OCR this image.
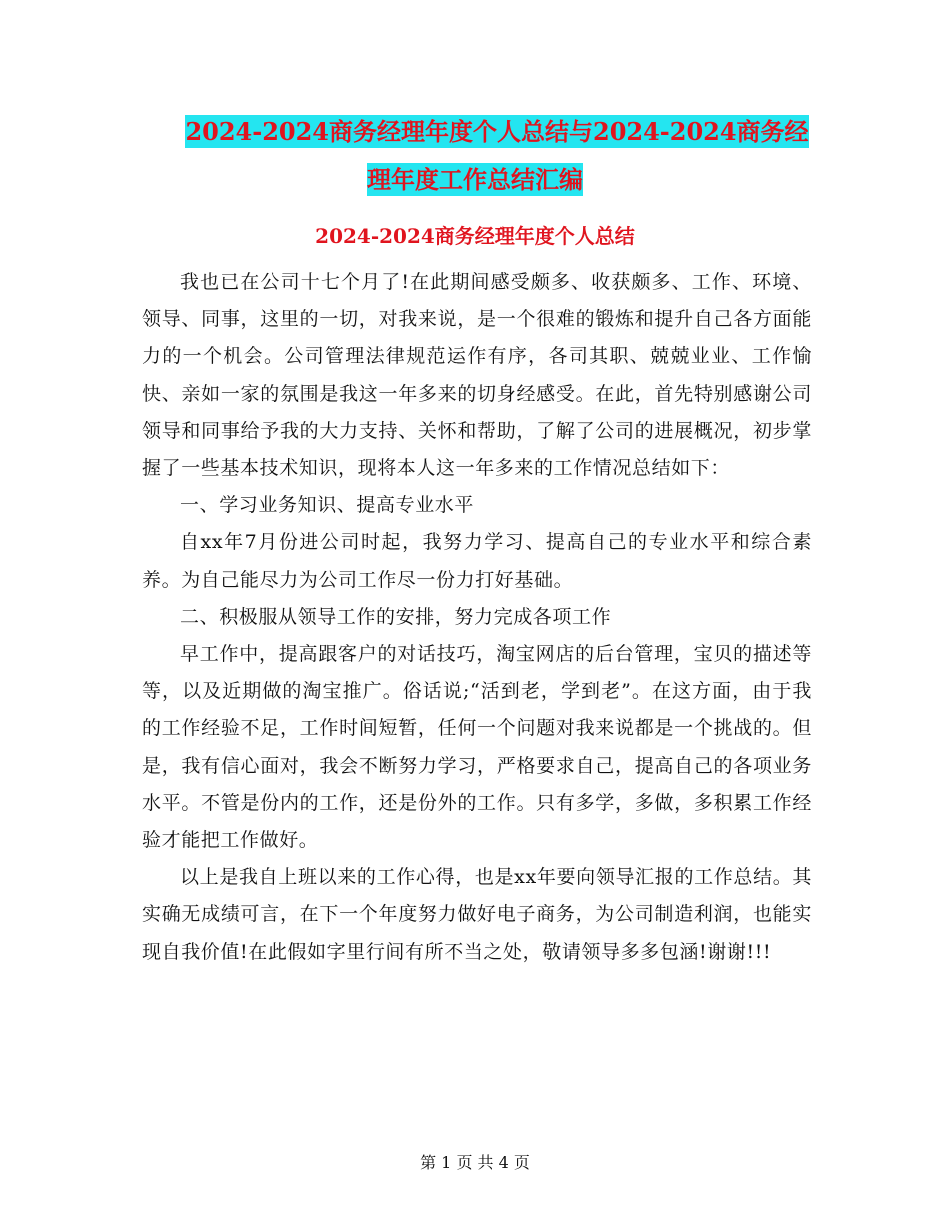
2024-2024商务经理年度个人总结与2024-2024商务经
理年度工作总结汇编
2024-2024商务经理年度个人总结

我也已在公司十七个月了!在此期间感受颇多、收获颇多、工作、环境、领导、同事，这里的一切，对我来说，是一个很难的锻炼和提升自己各方面能力的一个机会。公司管理法律规范运作有序，各司其职、兢兢业业、工作愉快、亲如一家的氛围是我这一年多来的切身经感受。在此，首先特别感谢公司领导和同事给予我的大力支持、关怀和帮助，了解了公司的进展概况，初步掌握了一些基本技术知识，现将本人这一年多来的工作情况总结如下：

一、学习业务知识、提高专业水平

自xx年7月份进公司时起，我努力学习、提高自己的专业水平和综合素养。为自己能尽力为公司工作尽一份力打好基础。

二、积极服从领导工作的安排，努力完成各项工作

早工作中，提高跟客户的对话技巧，淘宝网店的后台管理，宝贝的描述等等，以及近期做的淘宝推广。俗话说;“活到老，学到老”。在这方面，由于我的工作经验不足，工作时间短暂，任何一个问题对我来说都是一个挑战的。但是，我有信心面对，我会不断努力学习，严格要求自己，提高自己的各项业务水平。不管是份内的工作，还是份外的工作。只有多学，多做，多积累工作经验才能把工作做好。

以上是我自上班以来的工作心得，也是xx年要向领导汇报的工作总结。其实确无成绩可言，在下一个年度努力做好电子商务，为公司制造利润，也能实现自我价值!在此假如字里行间有所不当之处，敬请领导多多包涵!谢谢!!!

第 1 页 共 4 页
